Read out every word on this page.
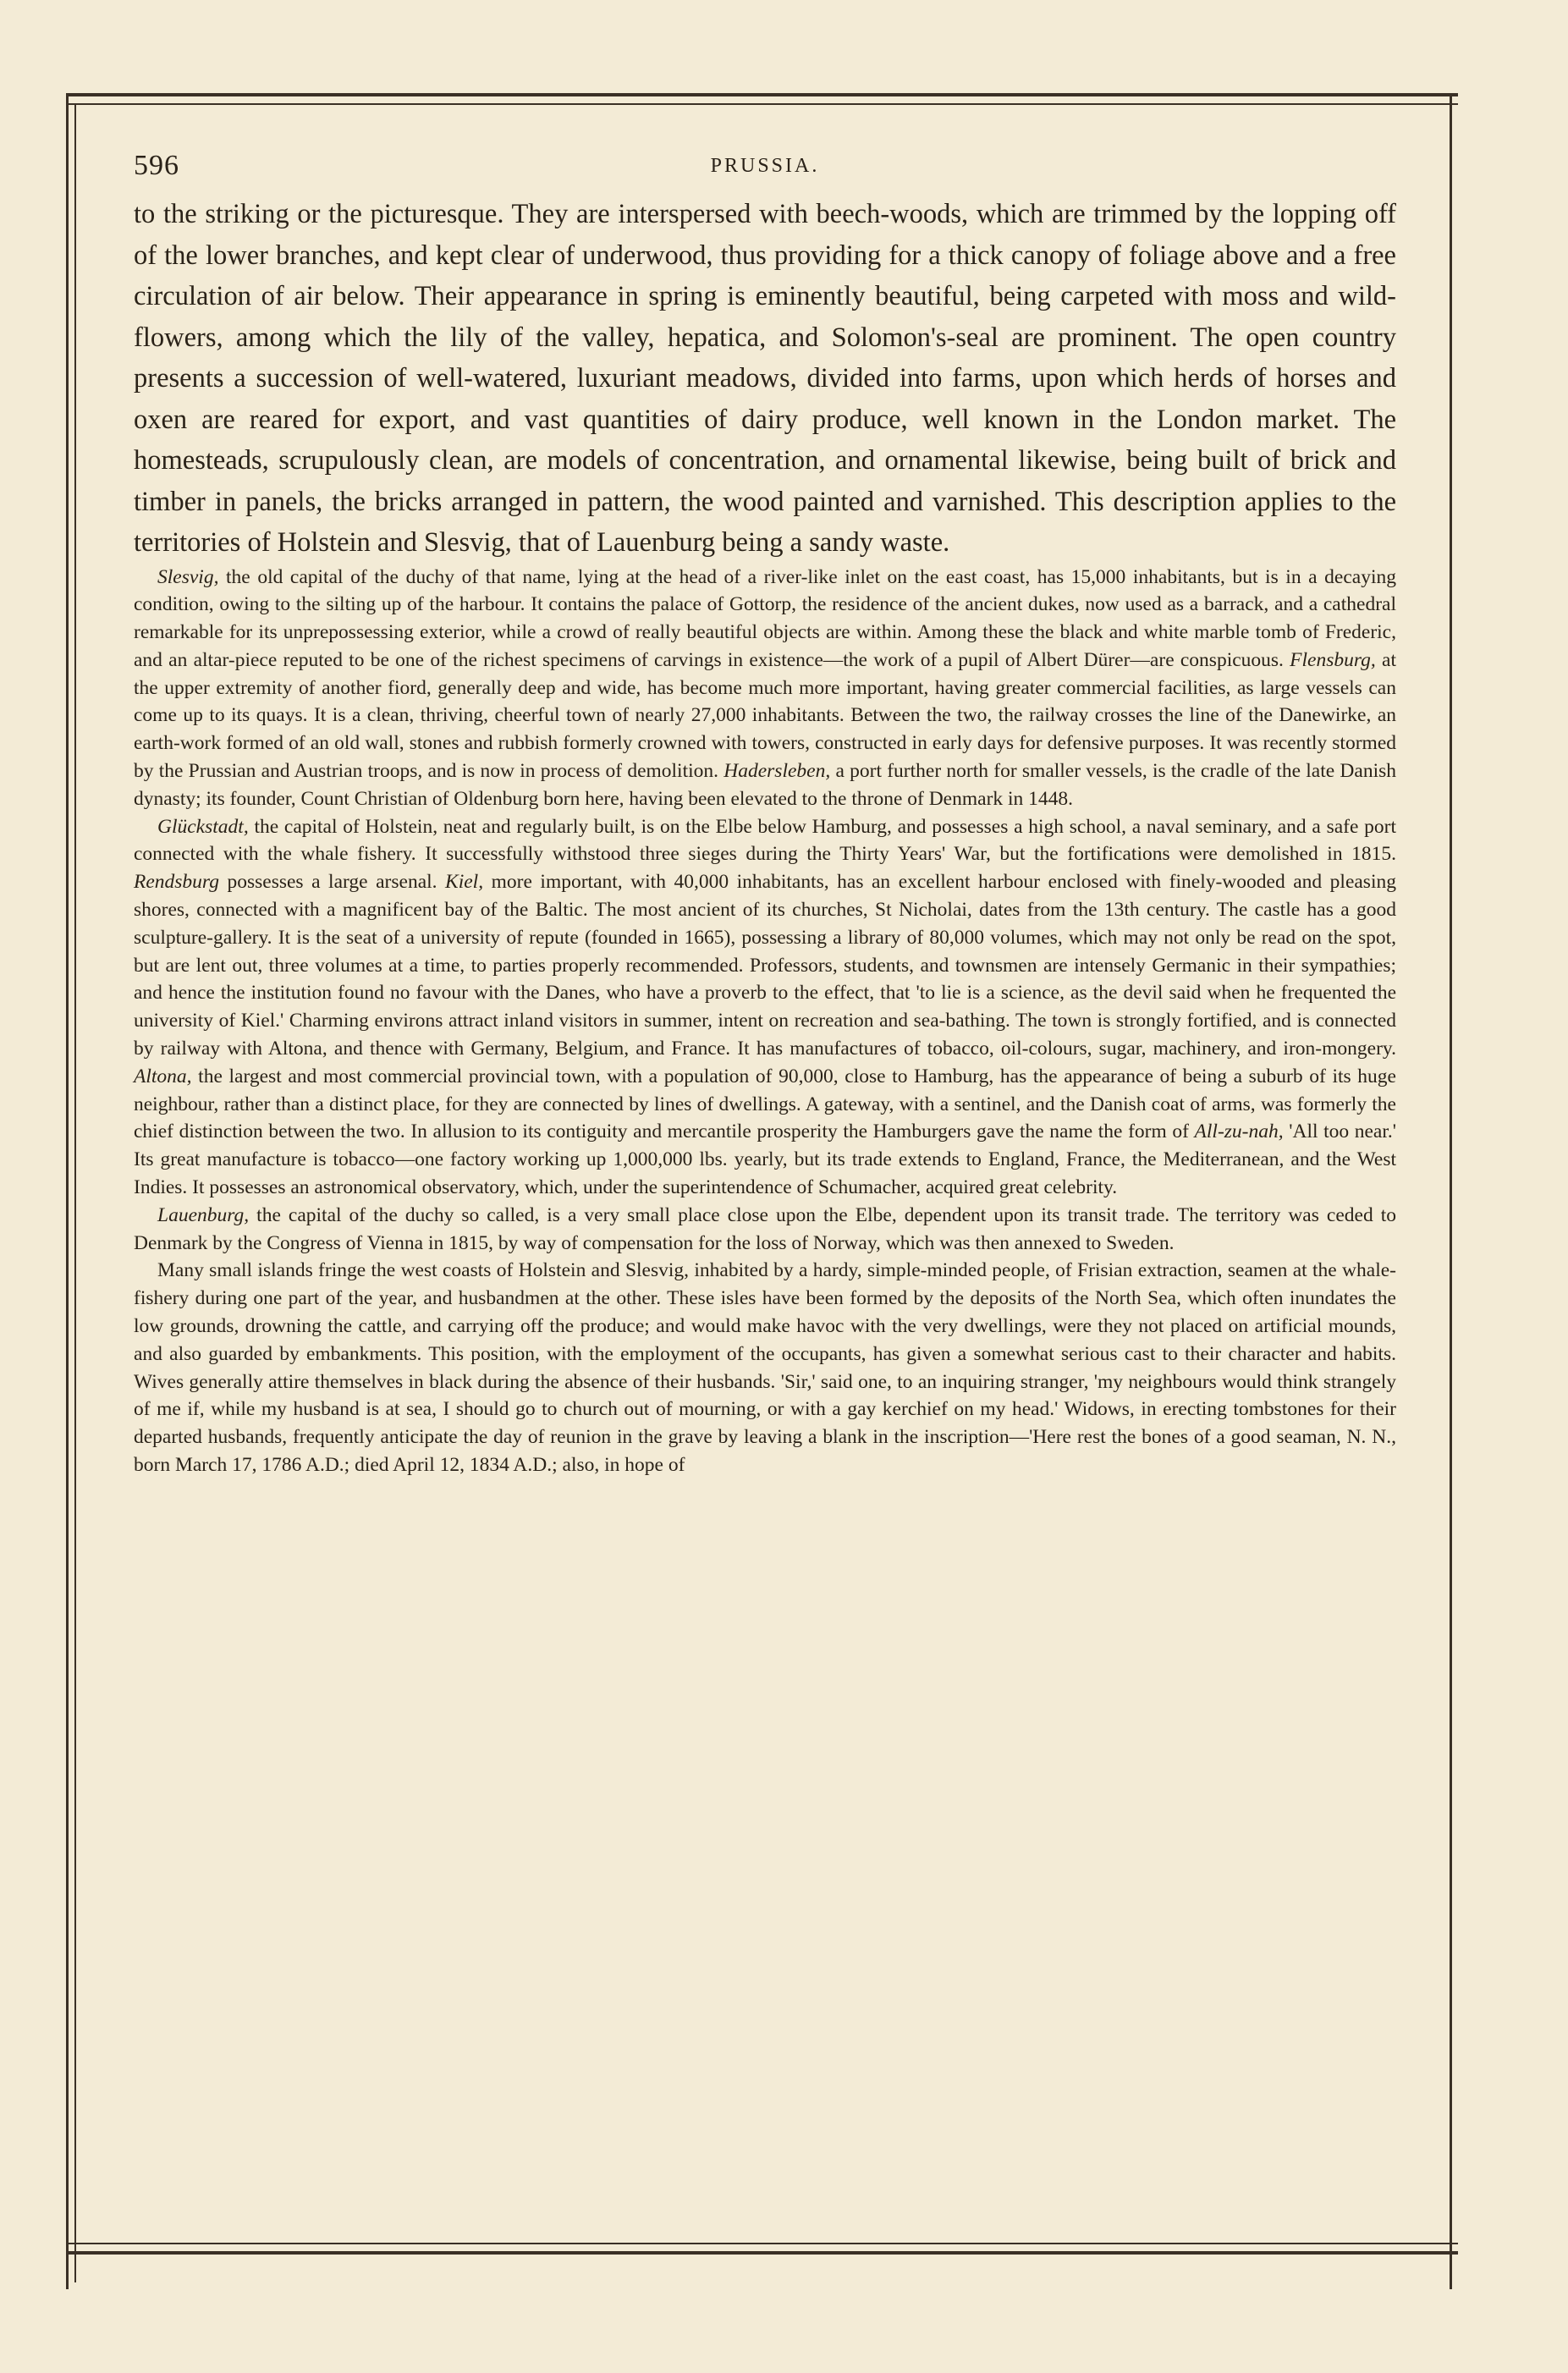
596	PRUSSIA.

to the striking or the picturesque. They are interspersed with beech-woods, which are trimmed by the lopping off of the lower branches, and kept clear of underwood, thus providing for a thick canopy of foliage above and a free circulation of air below. Their appearance in spring is eminently beautiful, being carpeted with moss and wild-flowers, among which the lily of the valley, hepatica, and Solomon's-seal are prominent. The open country presents a succession of well-watered, luxuriant meadows, divided into farms, upon which herds of horses and oxen are reared for export, and vast quantities of dairy produce, well known in the London market. The homesteads, scrupulously clean, are models of concentration, and ornamental likewise, being built of brick and timber in panels, the bricks arranged in pattern, the wood painted and varnished. This description applies to the territories of Holstein and Slesvig, that of Lauenburg being a sandy waste.

Slesvig, the old capital of the duchy of that name, lying at the head of a river-like inlet on the east coast, has 15,000 inhabitants, but is in a decaying condition, owing to the silting up of the harbour. It contains the palace of Gottorp, the residence of the ancient dukes, now used as a barrack, and a cathedral remarkable for its unprepossessing exterior, while a crowd of really beautiful objects are within. Among these the black and white marble tomb of Frederic, and an altar-piece reputed to be one of the richest specimens of carvings in existence—the work of a pupil of Albert Dürer—are conspicuous. Flensburg, at the upper extremity of another fiord, generally deep and wide, has become much more important, having greater commercial facilities, as large vessels can come up to its quays. It is a clean, thriving, cheerful town of nearly 27,000 inhabitants. Between the two, the railway crosses the line of the Danewirke, an earth-work formed of an old wall, stones and rubbish formerly crowned with towers, constructed in early days for defensive purposes. It was recently stormed by the Prussian and Austrian troops, and is now in process of demolition. Hadersleben, a port further north for smaller vessels, is the cradle of the late Danish dynasty; its founder, Count Christian of Oldenburg born here, having been elevated to the throne of Denmark in 1448.

Glückstadt, the capital of Holstein, neat and regularly built, is on the Elbe below Hamburg, and possesses a high school, a naval seminary, and a safe port connected with the whale fishery. It successfully withstood three sieges during the Thirty Years' War, but the fortifications were demolished in 1815. Rendsburg possesses a large arsenal. Kiel, more important, with 40,000 inhabitants, has an excellent harbour enclosed with finely-wooded and pleasing shores, connected with a magnificent bay of the Baltic. The most ancient of its churches, St Nicholai, dates from the 13th century. The castle has a good sculpture-gallery. It is the seat of a university of repute (founded in 1665), possessing a library of 80,000 volumes, which may not only be read on the spot, but are lent out, three volumes at a time, to parties properly recommended. Professors, students, and townsmen are intensely Germanic in their sympathies; and hence the institution found no favour with the Danes, who have a proverb to the effect, that 'to lie is a science, as the devil said when he frequented the university of Kiel.' Charming environs attract inland visitors in summer, intent on recreation and sea-bathing. The town is strongly fortified, and is connected by railway with Altona, and thence with Germany, Belgium, and France. It has manufactures of tobacco, oil-colours, sugar, machinery, and iron-mongery. Altona, the largest and most commercial provincial town, with a population of 90,000, close to Hamburg, has the appearance of being a suburb of its huge neighbour, rather than a distinct place, for they are connected by lines of dwellings. A gateway, with a sentinel, and the Danish coat of arms, was formerly the chief distinction between the two. In allusion to its contiguity and mercantile prosperity the Hamburgers gave the name the form of All-zu-nah, 'All too near.' Its great manufacture is tobacco—one factory working up 1,000,000 lbs. yearly, but its trade extends to England, France, the Mediterranean, and the West Indies. It possesses an astronomical observatory, which, under the superintendence of Schumacher, acquired great celebrity.

Lauenburg, the capital of the duchy so called, is a very small place close upon the Elbe, dependent upon its transit trade. The territory was ceded to Denmark by the Congress of Vienna in 1815, by way of compensation for the loss of Norway, which was then annexed to Sweden.

Many small islands fringe the west coasts of Holstein and Slesvig, inhabited by a hardy, simple-minded people, of Frisian extraction, seamen at the whale-fishery during one part of the year, and husbandmen at the other. These isles have been formed by the deposits of the North Sea, which often inundates the low grounds, drowning the cattle, and carrying off the produce; and would make havoc with the very dwellings, were they not placed on artificial mounds, and also guarded by embankments. This position, with the employment of the occupants, has given a somewhat serious cast to their character and habits. Wives generally attire themselves in black during the absence of their husbands. 'Sir,' said one, to an inquiring stranger, 'my neighbours would think strangely of me if, while my husband is at sea, I should go to church out of mourning, or with a gay kerchief on my head.' Widows, in erecting tombstones for their departed husbands, frequently anticipate the day of reunion in the grave by leaving a blank in the inscription—'Here rest the bones of a good seaman, N. N., born March 17, 1786 A.D.; died April 12, 1834 A.D.; also, in hope of
